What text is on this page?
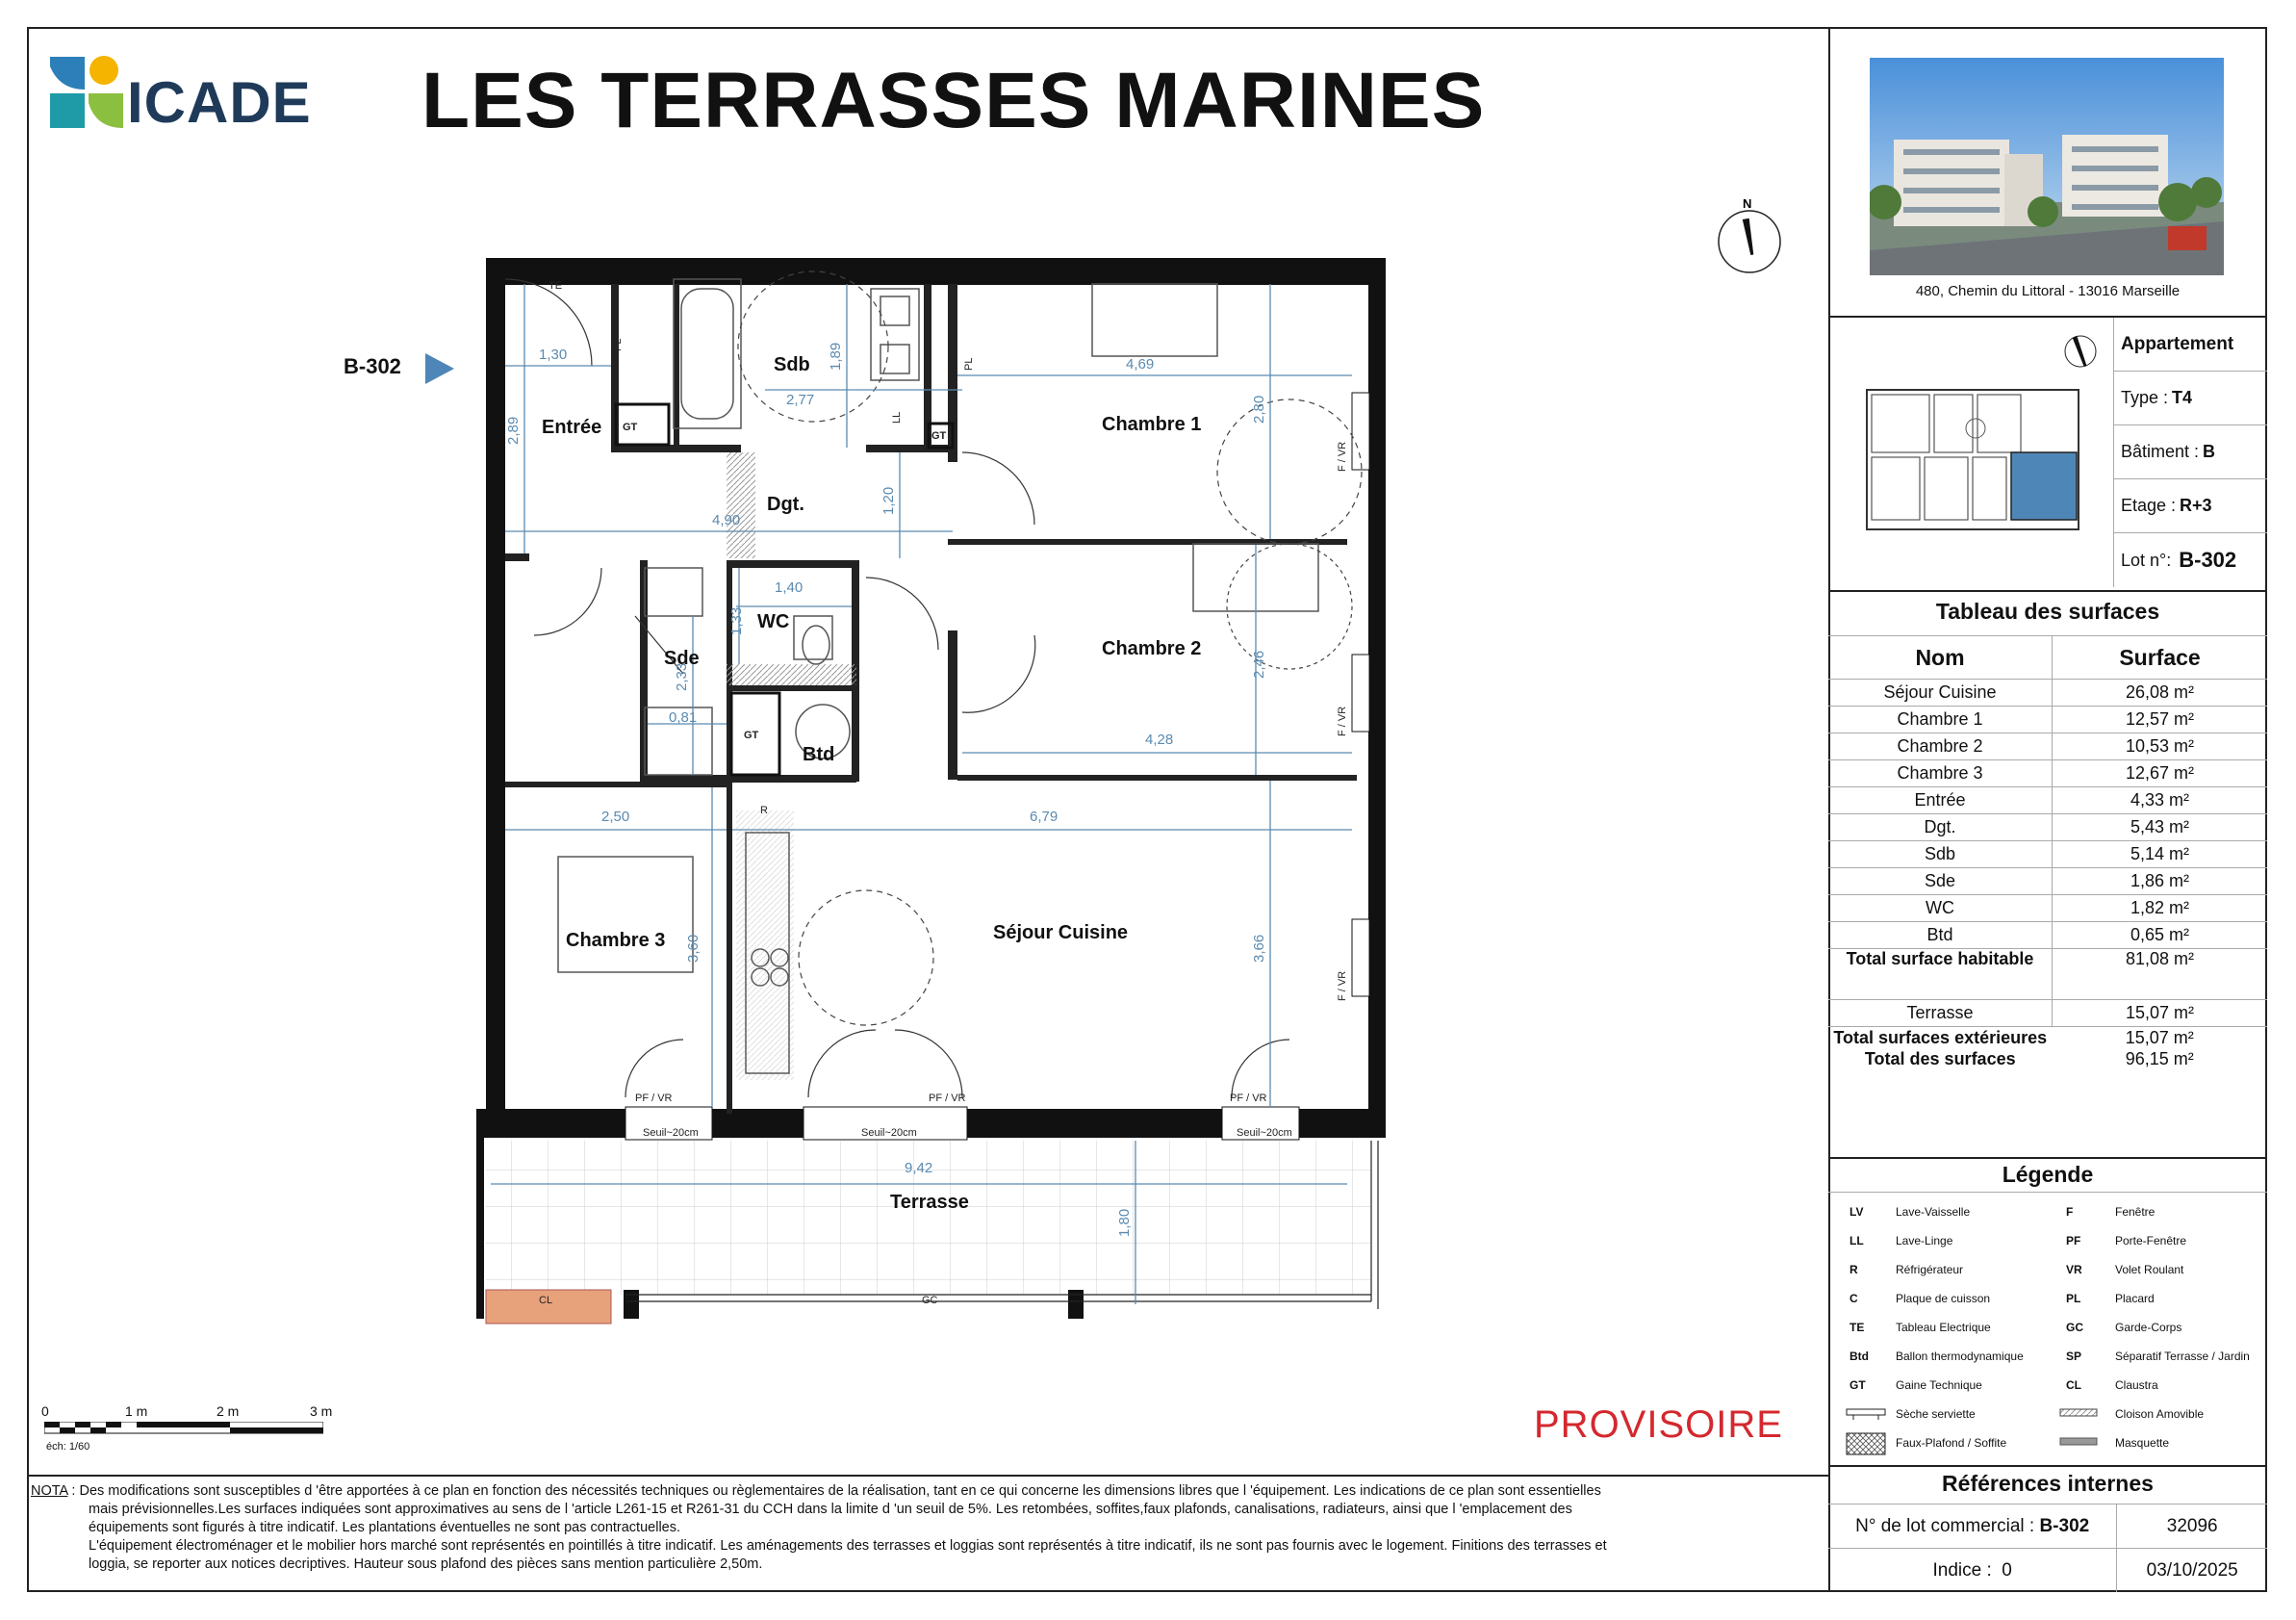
ICADE LES TERRASSES MARINES
B-302
N
Sdb
Entrée	Chambre 1
Dgt.
WC
Sde	Chambre 2
Btd
Chambre 3	Séjour Cuisine
Terrasse
GT
GT
GT
TE
PL
PL
LL
F / VR
F / VR
F / VR
PF / VR	PF / VR	PF / VR
Seuil~20cm	Seuil~20cm	Seuil~20cm
CL	GC
R
1,30
2,77
1,89	4,69
2,89
2,80
4,90
1,20
1,40
1,33
2,33
0,81
2,46
4,28
2,50	6,79
3,60	3,66
9,42
1,80
0	1 m	2 m	3 m
éch: 1/60
PROVISOIRE

NOTA : Des modifications sont susceptibles d 'être apportées à ce plan en fonction des nécessités techniques ou règlementaires de la réalisation, tant en ce qui concerne les dimensions libres que l 'équipement. Les indications de ce plan sont essentielles

mais prévisionnelles.Les surfaces indiquées sont approximatives au sens de l 'article L261-15 et R261-31 du CCH dans la limite d 'un seuil de 5%. Les retombées, soffites,faux plafonds, canalisations, radiateurs, ainsi que l 'emplacement des

équipements sont figurés à titre indicatif. Les plantations éventuelles ne sont pas contractuelles.

L'équipement électroménager et le mobilier hors marché sont représentés en pointillés à titre indicatif. Les aménagements des terrasses et loggias sont représentés à titre indicatif, ils ne sont pas fournis avec le logement. Finitions des terrasses et

loggia, se reporter aux notices decriptives. Hauteur sous plafond des pièces sans mention particulière 2,50m.

480, Chemin du Littoral - 13016 Marseille
Appartement
Type : T4
Bâtiment : B
Etage : R+3
Lot n°: B-302
Tableau des surfaces
Nom	Surface
Séjour Cuisine	26,08 m²
Chambre 1	12,57 m²
Chambre 2	10,53 m²
Chambre 3	12,67 m²
Entrée	4,33 m²
Dgt.	5,43 m²
Sdb	5,14 m²
Sde	1,86 m²
WC	1,82 m²
Btd	0,65 m²
Total surface habitable	81,08 m²
Terrasse	15,07 m²
Total surfaces extérieures	15,07 m²
Total des surfaces	96,15 m²
Légende
LV	Lave-Vaisselle	F	Fenêtre
LL	Lave-Linge	PF	Porte-Fenêtre
R	Réfrigérateur	VR	Volet Roulant
C	Plaque de cuisson	PL	Placard
TE	Tableau Electrique	GC	Garde-Corps
Btd Ballon thermodynamique	SP	Séparatif Terrasse / Jardin
GT	Gaine Technique	CL	Claustra
Sèche serviette	Cloison Amovible
Faux-Plafond / Soffite	Masquette
Références internes
N° de lot commercial :
B-302	32096
Indice :
0	03/10/2025
